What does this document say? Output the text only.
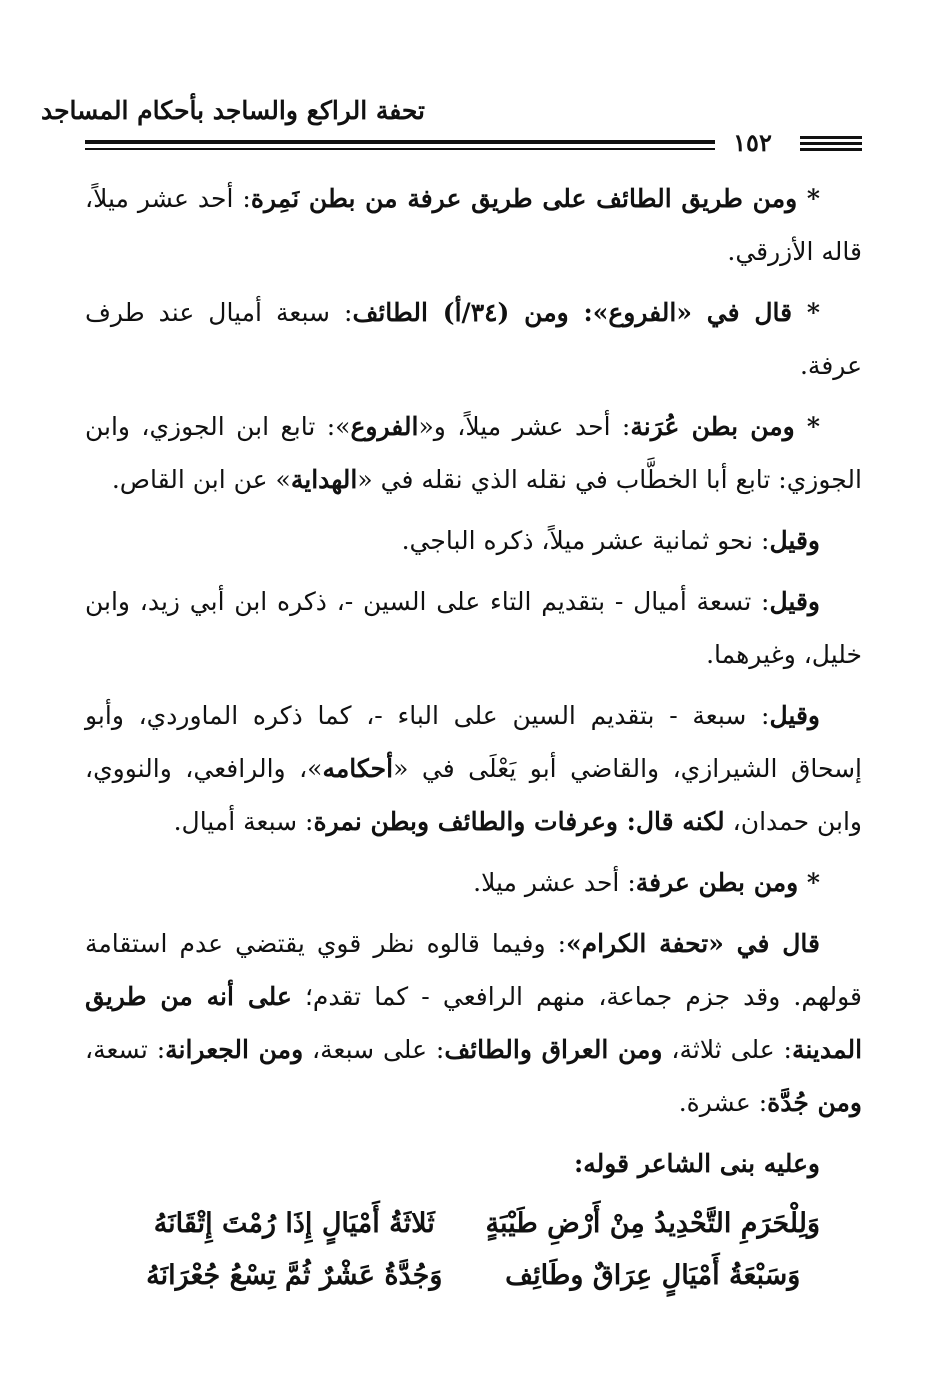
تحفة الراكع والساجد بأحكام المساجد
١٥٢

* ومن طريق الطائف على طريق عرفة من بطن نَمِرة: أحد عشر ميلاً، قاله الأزرقي.

* قال في «الفروع»: ومن (٣٤/أ) الطائف: سبعة أميال عند طرف عرفة.

* ومن بطن عُرَنة: أحد عشر ميلاً، و«الفروع»: تابع ابن الجوزي، وابن الجوزي: تابع أبا الخطَّاب في نقله الذي نقله في «الهداية» عن ابن القاص.

وقيل: نحو ثمانية عشر ميلاً، ذكره الباجي.

وقيل: تسعة أميال - بتقديم التاء على السين -، ذكره ابن أبي زيد، وابن خليل، وغيرهما.

وقيل: سبعة - بتقديم السين على الباء -، كما ذكره الماوردي، وأبو إسحاق الشيرازي، والقاضي أبو يَعْلَى في «أحكامه»، والرافعي، والنووي، وابن حمدان، لكنه قال: وعرفات والطائف وبطن نمرة: سبعة أميال.

* ومن بطن عرفة: أحد عشر ميلا.

قال في «تحفة الكرام»: وفيما قالوه نظر قوي يقتضي عدم استقامة قولهم. وقد جزم جماعة، منهم الرافعي - كما تقدم؛ على أنه من طريق المدينة: على ثلاثة، ومن العراق والطائف: على سبعة، ومن الجعرانة: تسعة، ومن جُدَّة: عشرة.

وعليه بنى الشاعر قوله:

وَلِلْحَرَمِ التَّحْدِيدُ مِنْ أَرْضِ طَيْبَةٍ
ثَلاثَةُ أَمْيَالٍ إِذَا رُمْتَ إِتْقَانَهُ
وَسَبْعَةُ أَمْيَالٍ عِرَاقٌ وطَائِف
وَجُدَّةُ عَشْرٌ ثُمَّ تِسْعُ جُعْرَانَهُ
